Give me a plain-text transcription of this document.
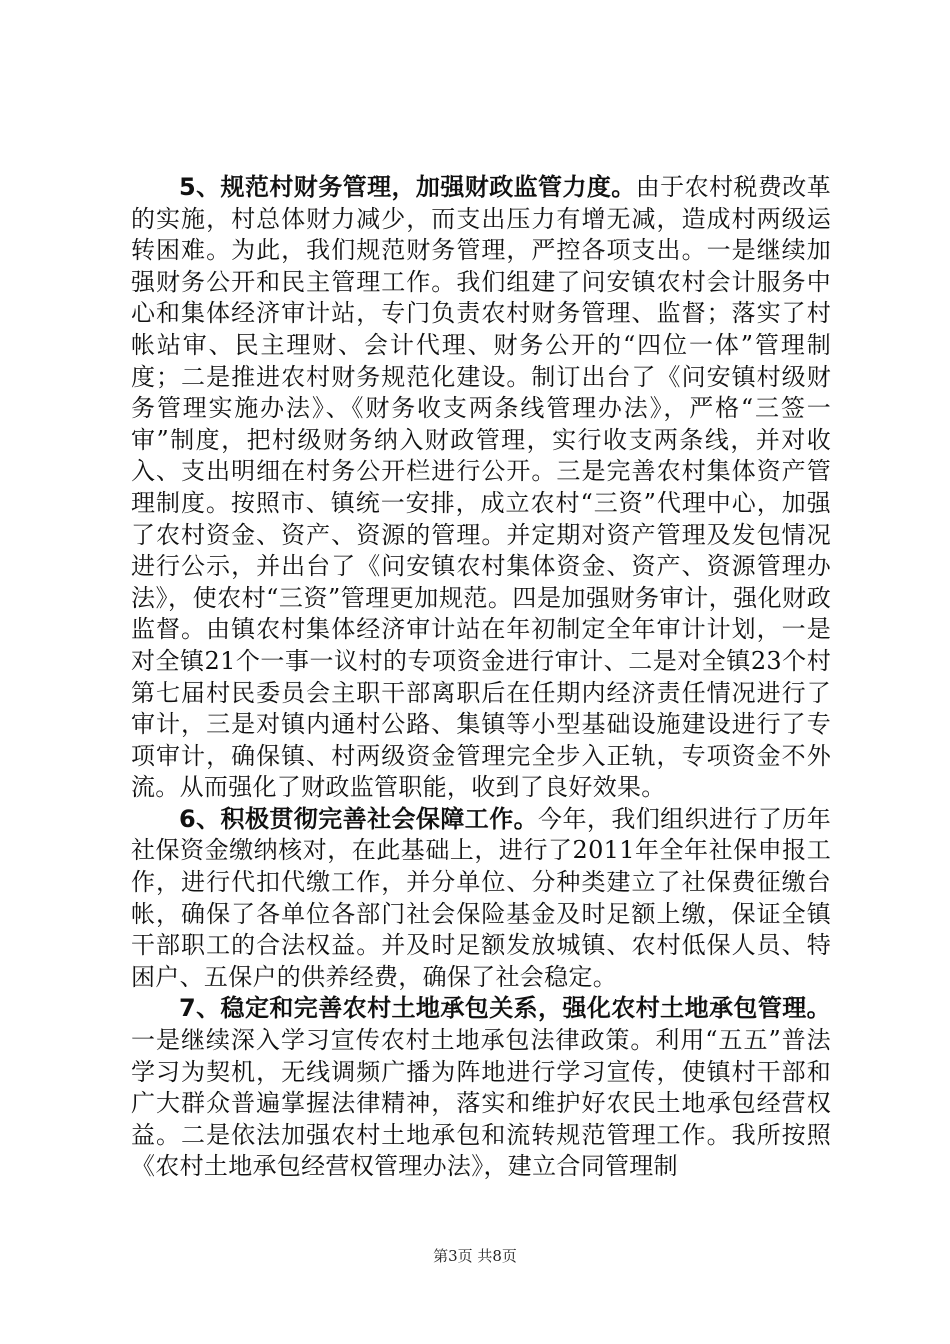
5、规范村财务管理，加强财政监管力度。由于农村税费改革的实施，村总体财力减少，而支出压力有增无减，造成村两级运转困难。为此，我们规范财务管理，严控各项支出。一是继续加强财务公开和民主管理工作。我们组建了问安镇农村会计服务中心和集体经济审计站，专门负责农村财务管理、监督；落实了村帐站审、民主理财、会计代理、财务公开的“四位一体”管理制度；二是推进农村财务规范化建设。制订出台了《问安镇村级财务管理实施办法》、《财务收支两条线管理办法》，严格“三签一审”制度，把村级财务纳入财政管理，实行收支两条线，并对收入、支出明细在村务公开栏进行公开。三是完善农村集体资产管理制度。按照市、镇统一安排，成立农村“三资”代理中心，加强了农村资金、资产、资源的管理。并定期对资产管理及发包情况进行公示，并出台了《问安镇农村集体资金、资产、资源管理办法》，使农村“三资”管理更加规范。四是加强财务审计，强化财政监督。由镇农村集体经济审计站在年初制定全年审计计划，一是对全镇21个一事一议村的专项资金进行审计、二是对全镇23个村第七届村民委员会主职干部离职后在任期内经济责任情况进行了审计，三是对镇内通村公路、集镇等小型基础设施建设进行了专项审计，确保镇、村两级资金管理完全步入正轨，专项资金不外流。从而强化了财政监管职能，收到了良好效果。

6、积极贯彻完善社会保障工作。今年，我们组织进行了历年社保资金缴纳核对，在此基础上，进行了2011年全年社保申报工作，进行代扣代缴工作，并分单位、分种类建立了社保费征缴台帐，确保了各单位各部门社会保险基金及时足额上缴，保证全镇干部职工的合法权益。并及时足额发放城镇、农村低保人员、特困户、五保户的供养经费，确保了社会稳定。

7、稳定和完善农村土地承包关系，强化农村土地承包管理。一是继续深入学习宣传农村土地承包法律政策。利用“五五”普法学习为契机，无线调频广播为阵地进行学习宣传，使镇村干部和广大群众普遍掌握法律精神，落实和维护好农民土地承包经营权益。二是依法加强农村土地承包和流转规范管理工作。我所按照《农村土地承包经营权管理办法》，建立合同管理制

第3页 共8页
